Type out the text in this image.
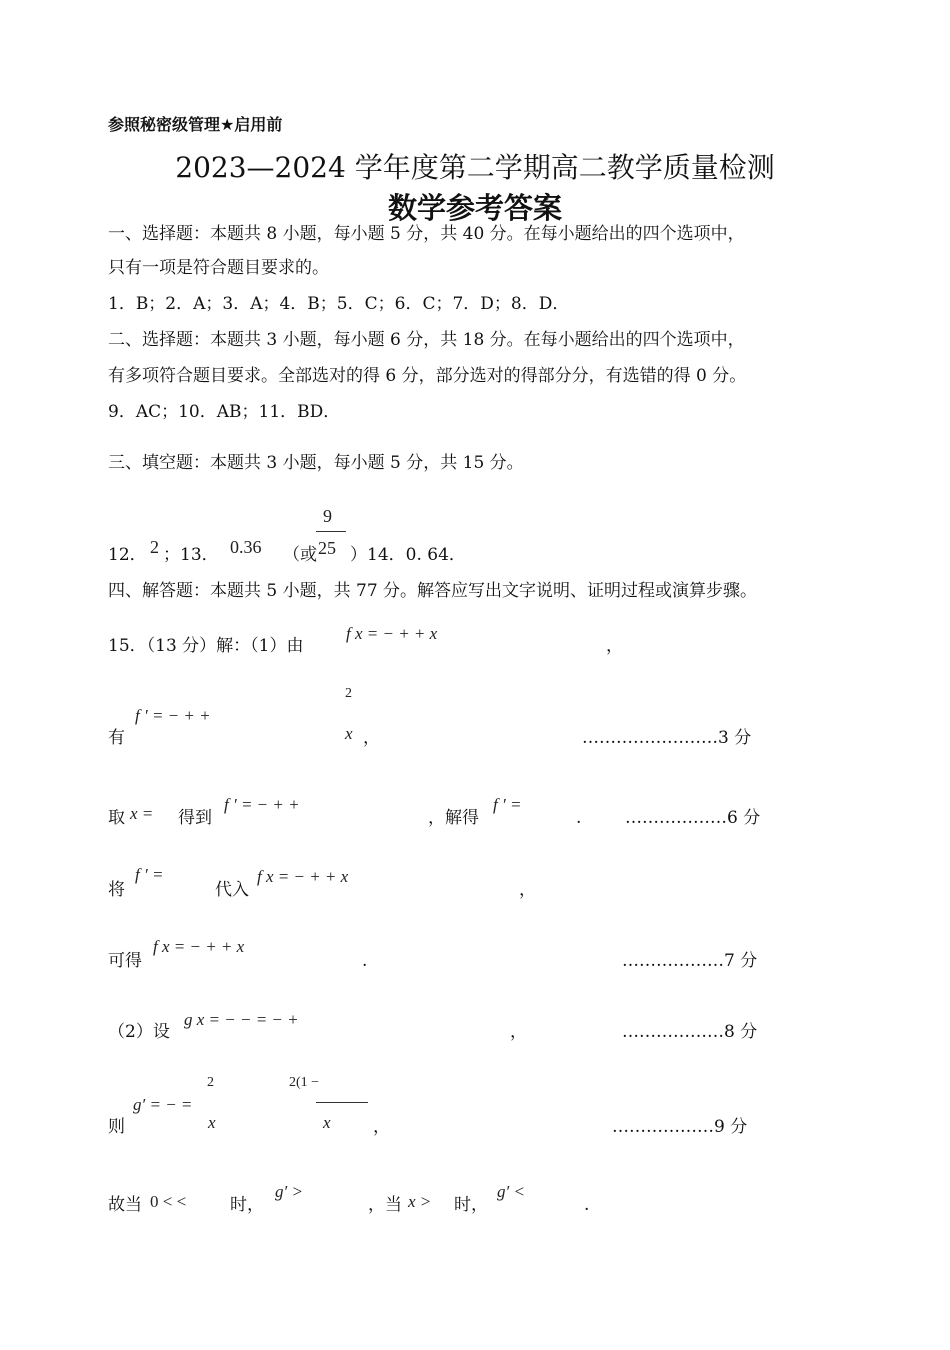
参照秘密级管理★启用前
2023—2024 学年度第二学期高二教学质量检测
数学参考答案
一、选择题：本题共 8 小题，每小题 5 分，共 40 分。在每小题给出的四个选项中，
只有一项是符合题目要求的。
1．B；2．A；3．A；4．B；5．C；6．C；7．D；8．D．
二、选择题：本题共 3 小题，每小题 6 分，共 18 分。在每小题给出的四个选项中，
有多项符合题目要求。全部选对的得 6 分，部分选对的得部分分，有选错的得 0 分。
9．AC；10．AB；11．BD．
三、填空题：本题共 3 小题，每小题 5 分，共 15 分。
12． 2 ；13． 0.36 （或
9
25 ）14．0. 64．
四、解答题：本题共 5 小题，共 77 分。解答应写出文字说明、证明过程或演算步骤。
15．（13 分）解：（1）由
f x = − + + x
，
有
f ′ = − + +
2
x ，	……………………3 分
取 x = 得到
f ′ = − + +
，解得
f ′ =
.	………………6 分
将
f ′ =
代入
f x = − + + x
，
可得
f x = − + + x
.	………………7 分
（2）设
g x = − − = − +
，	………………8 分
则
g′ = − =
2
x
2(1 −
x ，	………………9 分
故当 0 < <	时，
g′ >
，当 x > 时，
g′ <
.
